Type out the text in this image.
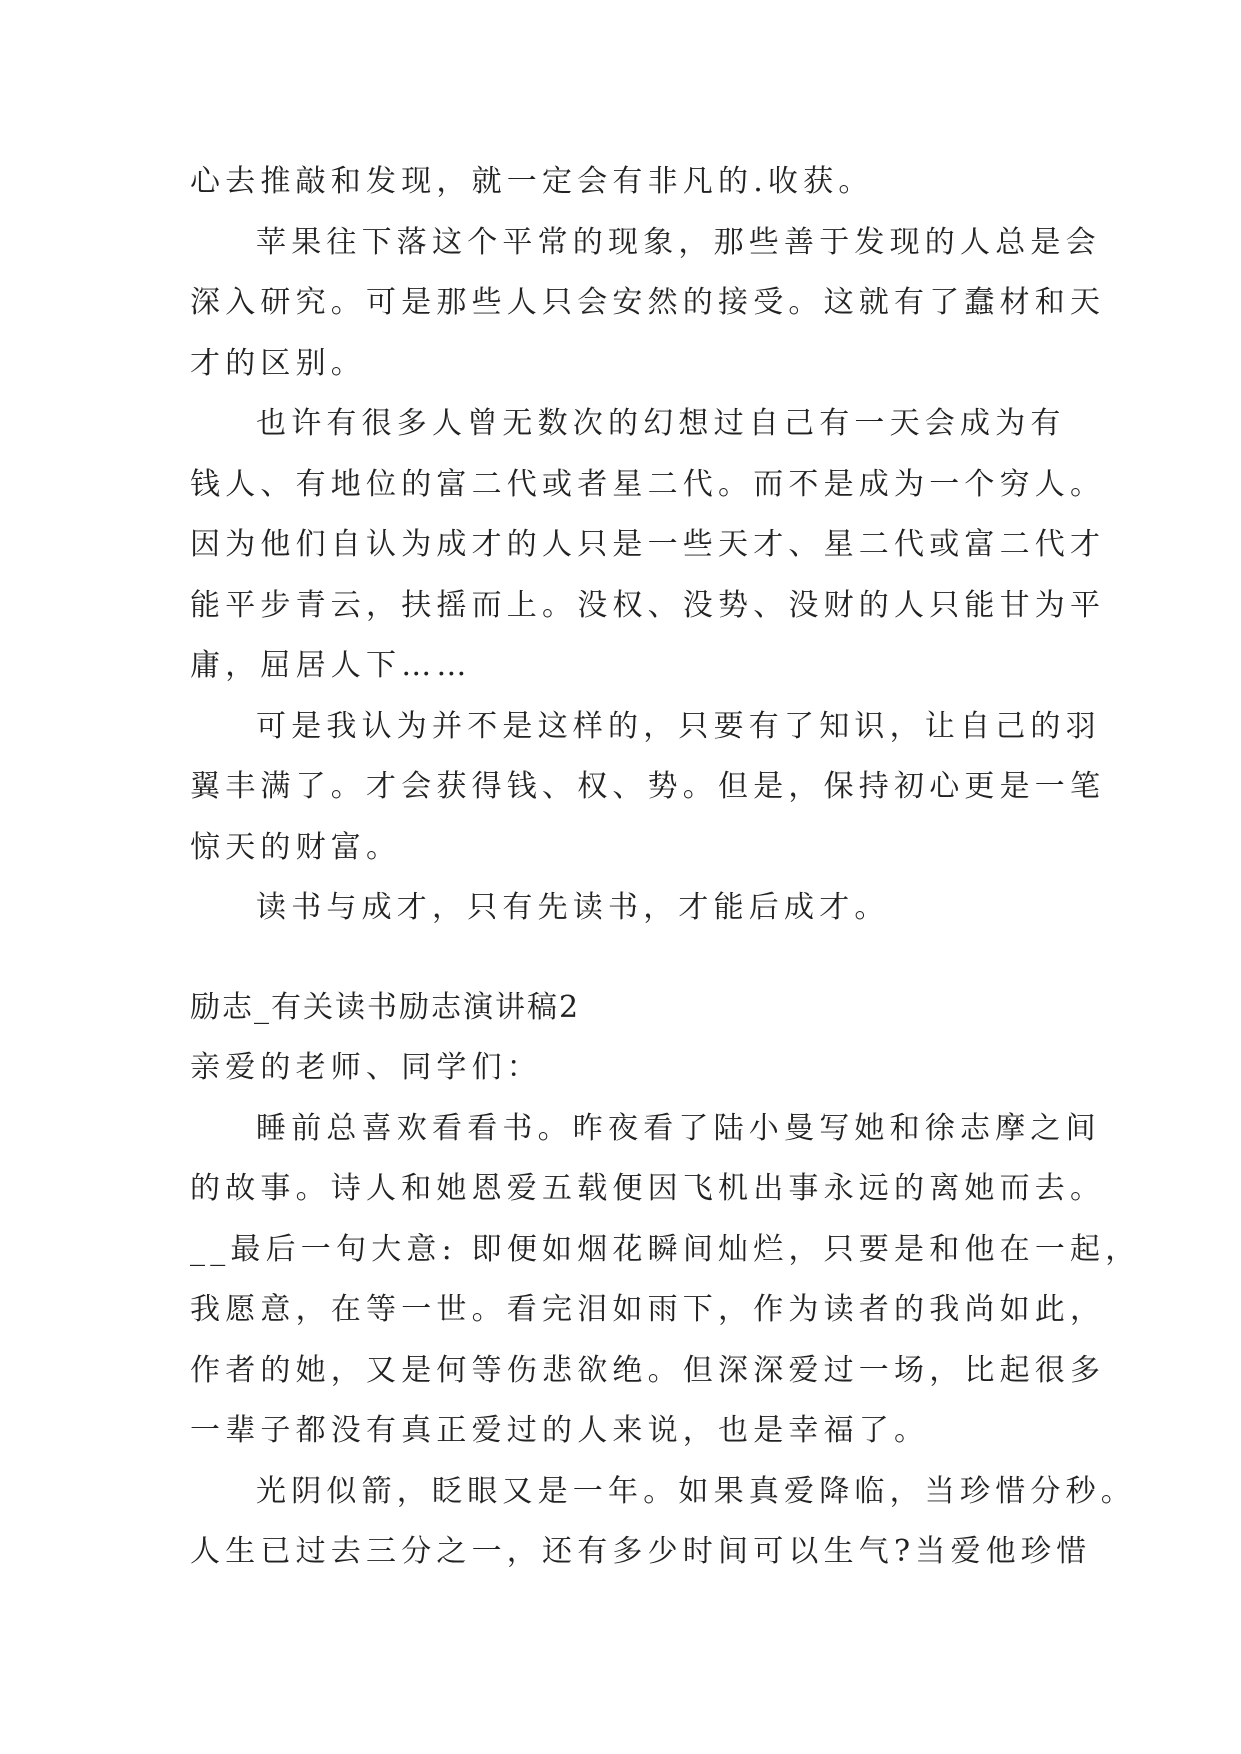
心去推敲和发现，就一定会有非凡的.收获。
苹果往下落这个平常的现象，那些善于发现的人总是会
深入研究。可是那些人只会安然的接受。这就有了蠢材和天
才的区别。
也许有很多人曾无数次的幻想过自己有一天会成为有
钱人、有地位的富二代或者星二代。而不是成为一个穷人。
因为他们自认为成才的人只是一些天才、星二代或富二代才
能平步青云，扶摇而上。没权、没势、没财的人只能甘为平
庸，屈居人下……
可是我认为并不是这样的，只要有了知识，让自己的羽
翼丰满了。才会获得钱、权、势。但是，保持初心更是一笔
惊天的财富。
读书与成才，只有先读书，才能后成才。
励志_有关读书励志演讲稿2
亲爱的老师、同学们：
睡前总喜欢看看书。昨夜看了陆小曼写她和徐志摩之间
的故事。诗人和她恩爱五载便因飞机出事永远的离她而去。
__最后一句大意: 即便如烟花瞬间灿烂，只要是和他在一起，
我愿意，在等一世。看完泪如雨下，作为读者的我尚如此，
作者的她，又是何等伤悲欲绝。但深深爱过一场，比起很多
一辈子都没有真正爱过的人来说，也是幸福了。
光阴似箭，眨眼又是一年。如果真爱降临，当珍惜分秒。
人生已过去三分之一，还有多少时间可以生气?当爱他珍惜
